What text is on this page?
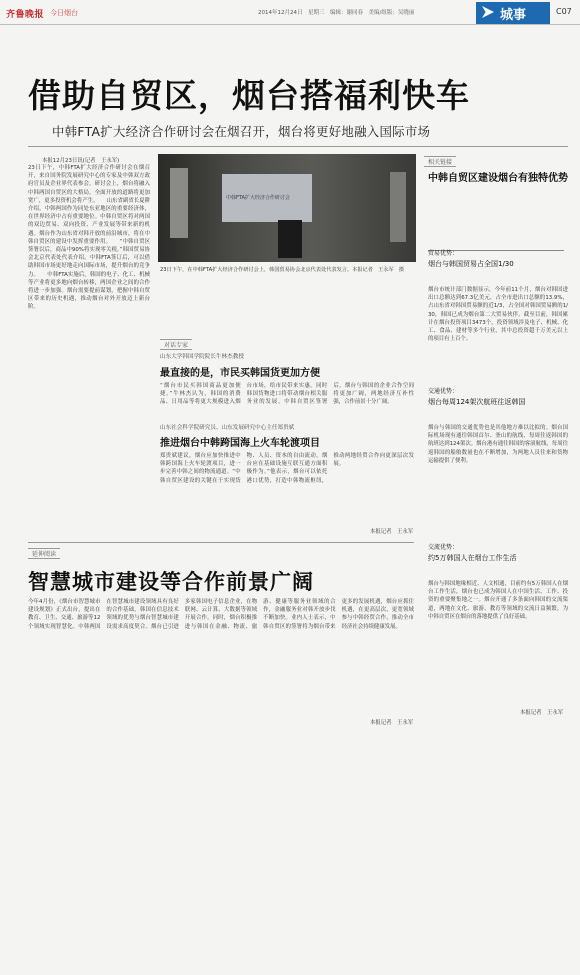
齐鲁晚报 今日烟台	2014年12月24日　星期三　编辑：谢同春　美编/组版：吴晓丽	城事	C07
借助自贸区，烟台搭福利快车
中韩FTA扩大经济合作研讨会在烟召开，烟台将更好地融入国际市场
本报12月23日讯(记者　王永军)
23日下午，中韩FTA扩大经济合作研讨会在烟召开，来自国务院发展研究中心的专家及中韩双方政府官员及企业界代表参会。研讨会上，烟台将融入中韩两国自贸区的大格局，全面开放的道路将更加宽广，更多投资机会将产生。　　山东省副省长夏耕介绍，中韩两国作为同处东亚地区的重要经济体，在世界经济中占有重要地位。中韩自贸区将对两国的双边贸易、双向投资、产业发展等带来新的机遇。烟台作为山东省对韩开放的前沿城市，将在中韩自贸区的建设中发挥重要作用。　　“中韩自贸区签署以后，商品中90%将实现零关税。”韩国贸易协会北京代表处代表介绍。中韩FTA签订后，可以借助韩国市场更好地走向国际市场，提升烟台的竞争力。　　中韩FTA实施后，韩国的电子、化工、机械等产业将更多地向烟台转移，两国企业之间的合作将进一步加强。烟台需要提前谋划，把握中韩自贸区带来的历史机遇，推动烟台对外开放迈上新台阶。
中韩FTA扩大经济合作研讨会
23日下午，在中韩FTA扩大经济合作研讨会上，韩国贸易协会北京代表处代表发言。本报记者　王永军　摄
对话专家
山东大学韩国学院院长牛林杰教授
最直接的是，市民买韩国货更加方便
“烟台市民买韩国商品更加便捷。”牛林杰认为，韩国的消费品、日用品等将更大规模进入烟台市场，给市民带来实惠。同时韩国货物进口将带动烟台相关服务业的发展。中韩自贸区签署后，烟台与韩国的企业合作空间将更加广阔，两地经济互补性强，合作前景十分广阔。
山东社会科学院研究员、山东发展研究中心主任郑贵斌
推进烟台中韩跨国海上火车轮渡项目
郑贵斌建议，烟台应加快推进中韩跨国海上火车轮渡项目，进一步完善中韩之间的物流通道。“中韩自贸区建设的关键在于实现货物、人员、资本的自由流动，烟台应在基础设施互联互通方面积极作为。”他表示，烟台可以依托港口优势，打造中韩物流枢纽，推动两地经贸合作向更深层次发展。
本报记者　王永军
相关链接
中韩自贸区建设烟台有独特优势
贸易优势：
烟台与韩国贸易占全国1/30
烟台市统计部门数据显示，今年前11个月，烟台对韩国进出口总额达到67.3亿美元，占全市进出口总额的13.9%，占山东省对韩国贸易额的近1/3，占全国对韩国贸易额的1/30，韩国已成为烟台第二大贸易伙伴。截至目前，韩国累计在烟台投资项目3473个，投资领域涉及电子、机械、化工、食品、建材等多个行业，其中总投资超千万美元以上的项目有上百个。
交通优势：
烟台每周124架次航班往返韩国
烟台与韩国的交通优势也是其他地方难以比拟的。烟台国际机场现有通往韩国首尔、釜山的航线，每周往返韩国的航班达到124架次。烟台港有通往韩国的客滚航线，每周往返韩国的船舶数量也在不断增加，为两地人员往来和货物运输提供了便利。
交流优势：
约5万韩国人在烟台工作生活
烟台与韩国地缘相近、人文相通，目前约有5万韩国人在烟台工作生活，烟台也已成为韩国人在中国生活、工作、投资的重要聚集地之一。烟台开通了多条面向韩国的交流渠道，两地在文化、旅游、教育等领域的交流日益频繁，为中韩自贸区在烟台的落地提供了良好基础。
本报记者　王永军
延伸阅读
智慧城市建设等合作前景广阔
今年4月份，《烟台市智慧城市建设规划》正式出台，提出在教育、卫生、交通、旅游等12个领域实现智慧化。中韩两国在智慧城市建设领域具有良好的合作基础，韩国在信息技术领域的优势与烟台智慧城市建设需求高度契合。烟台已引进多家韩国电子信息企业，在物联网、云计算、大数据等领域开展合作。同时，烟台积极推进与韩国在金融、物流、旅游、健康等服务业领域的合作，金融服务业对韩开放步伐不断加快。业内人士表示，中韩自贸区的签署将为烟台带来更多的发展机遇，烟台应抓住机遇，在更高层次、更宽领域参与中韩经贸合作，推动全市经济社会持续健康发展。
本报记者　王永军
